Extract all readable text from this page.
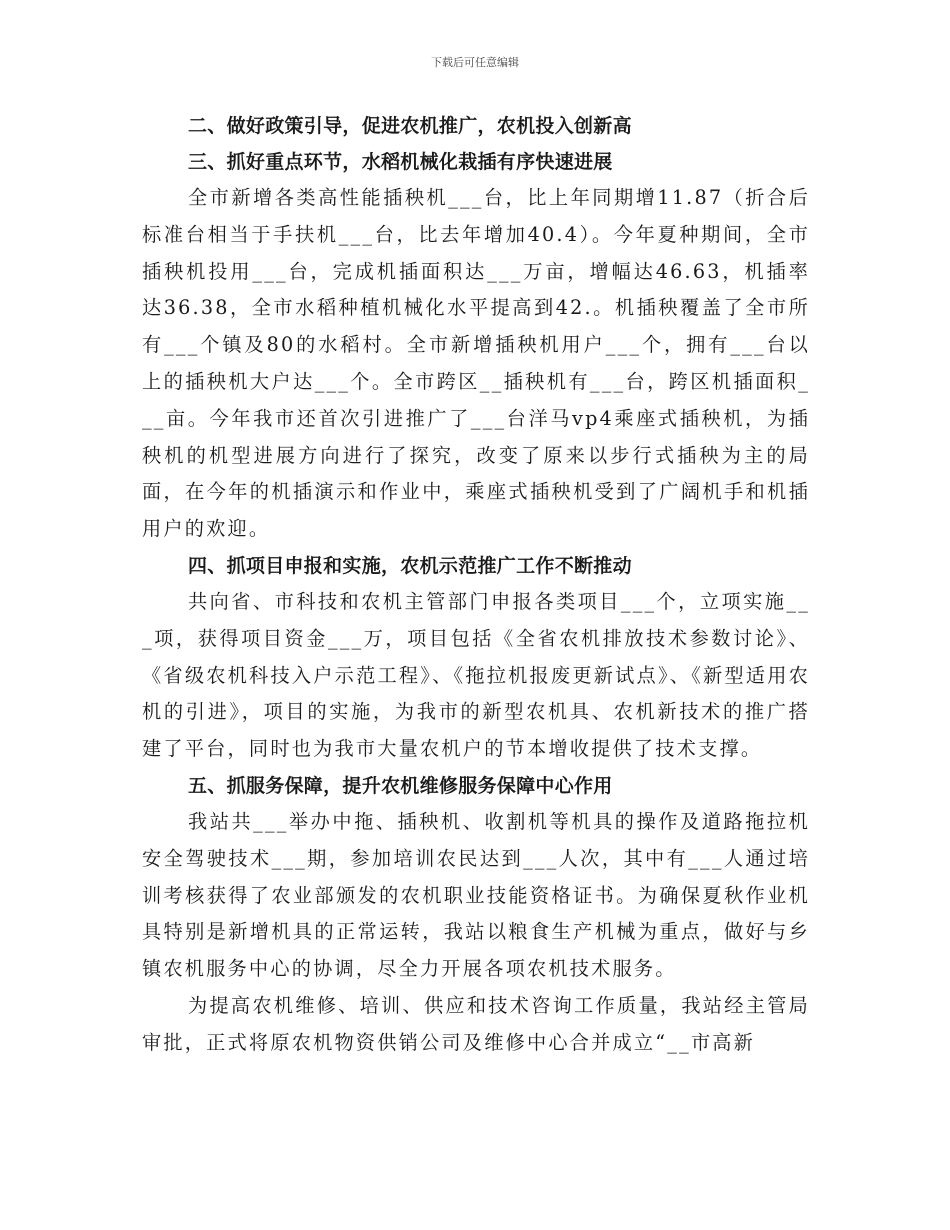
下载后可任意编辑
二、做好政策引导，促进农机推广，农机投入创新高
三、抓好重点环节，水稻机械化栽插有序快速进展

全市新增各类高性能插秧机___台，比上年同期增11.87（折合后标准台相当于手扶机___台，比去年增加40.4）。今年夏种期间，全市插秧机投用___台，完成机插面积达___万亩，增幅达46.63，机插率达36.38，全市水稻种植机械化水平提高到42.。机插秧覆盖了全市所有___个镇及80的水稻村。全市新增插秧机用户___个，拥有___台以上的插秧机大户达___个。全市跨区__插秧机有___台，跨区机插面积___亩。今年我市还首次引进推广了___台洋马vp4乘座式插秧机，为插秧机的机型进展方向进行了探究，改变了原来以步行式插秧为主的局面，在今年的机插演示和作业中，乘座式插秧机受到了广阔机手和机插用户的欢迎。

四、抓项目申报和实施，农机示范推广工作不断推动

共向省、市科技和农机主管部门申报各类项目___个，立项实施___项，获得项目资金___万，项目包括《全省农机排放技术参数讨论》、《省级农机科技入户示范工程》、《拖拉机报废更新试点》、《新型适用农机的引进》，项目的实施，为我市的新型农机具、农机新技术的推广搭建了平台，同时也为我市大量农机户的节本增收提供了技术支撑。

五、抓服务保障，提升农机维修服务保障中心作用

我站共___举办中拖、插秧机、收割机等机具的操作及道路拖拉机安全驾驶技术___期，参加培训农民达到___人次，其中有___人通过培训考核获得了农业部颁发的农机职业技能资格证书。为确保夏秋作业机具特别是新增机具的正常运转，我站以粮食生产机械为重点，做好与乡镇农机服务中心的协调，尽全力开展各项农机技术服务。

为提高农机维修、培训、供应和技术咨询工作质量，我站经主管局审批，正式将原农机物资供销公司及维修中心合并成立“__市高新
